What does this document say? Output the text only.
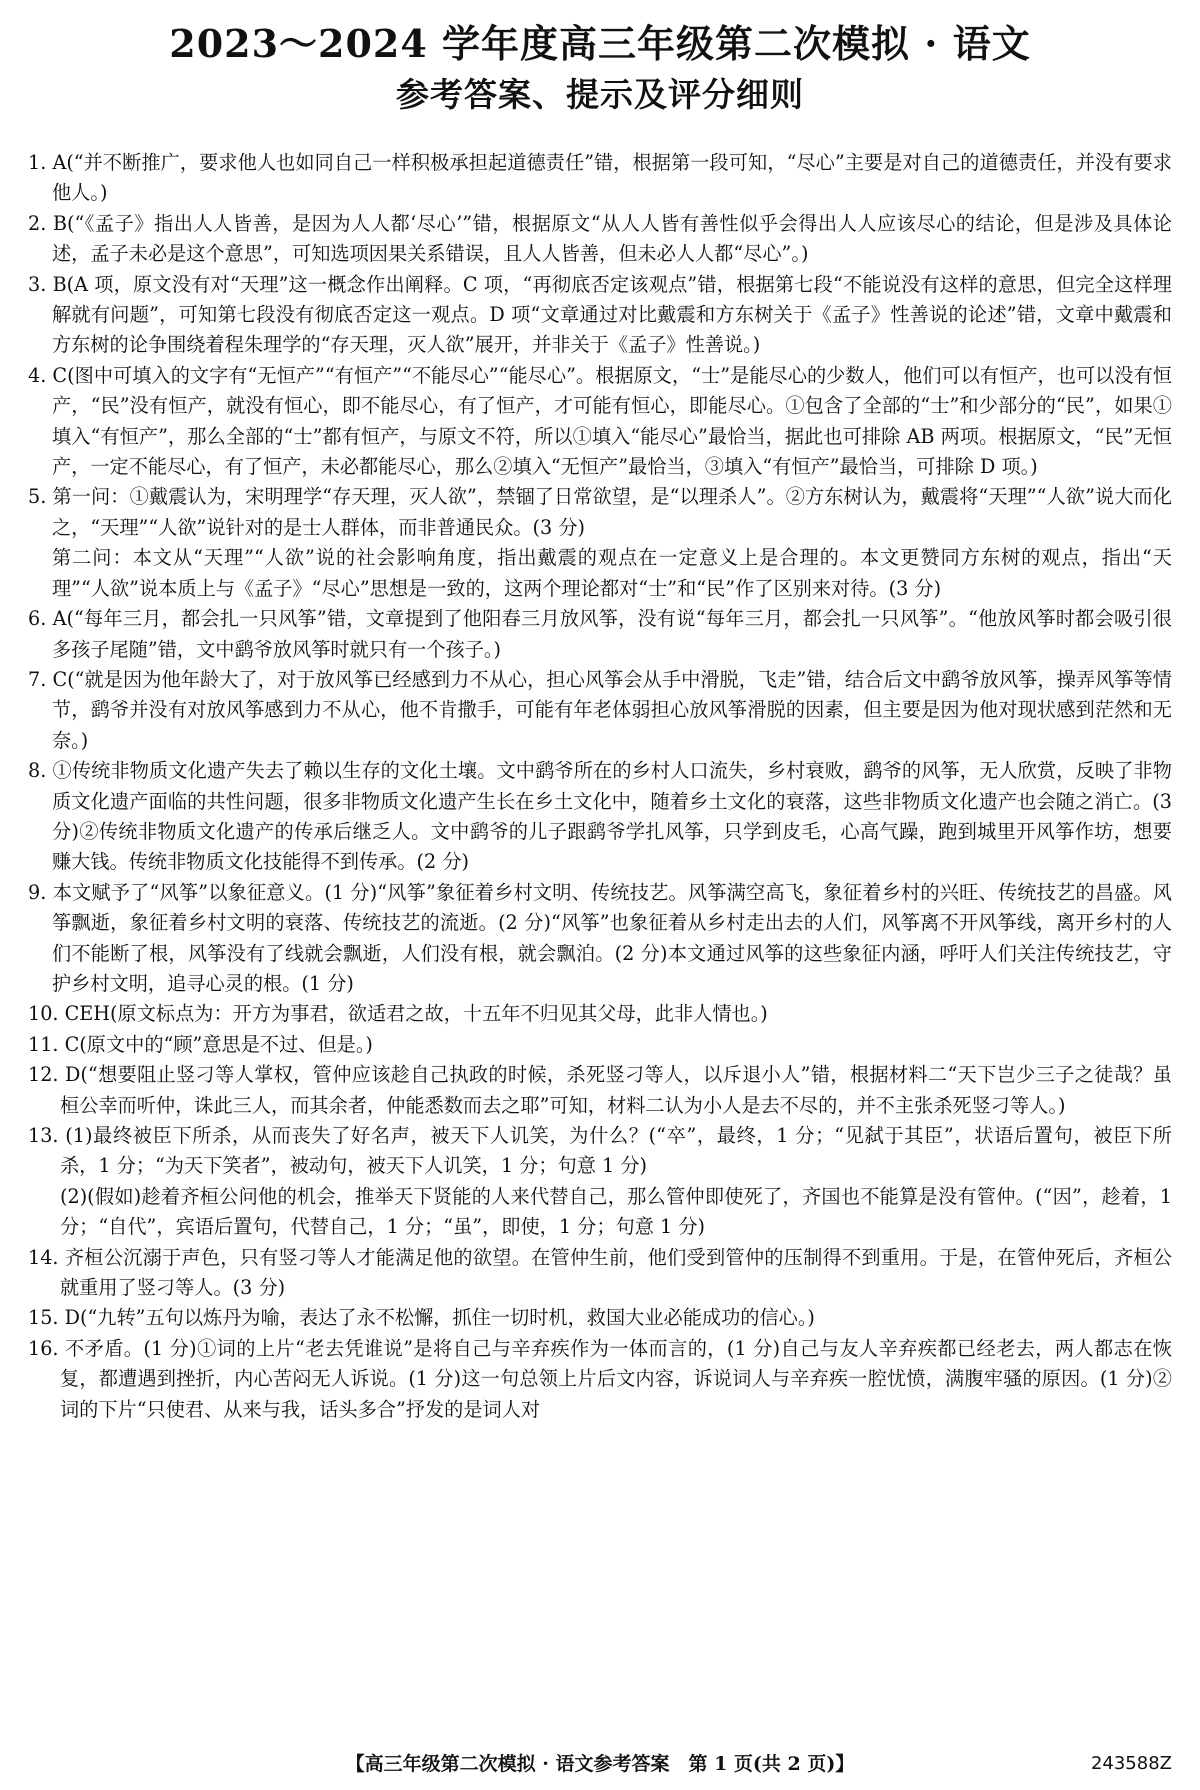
2023～2024 学年度高三年级第二次模拟 · 语文
参考答案、提示及评分细则

1. A(“并不断推广，要求他人也如同自己一样积极承担起道德责任”错，根据第一段可知，“尽心”主要是对自己的道德责任，并没有要求他人。)

2. B(“《孟子》指出人人皆善，是因为人人都‘尽心’”错，根据原文“从人人皆有善性似乎会得出人人应该尽心的结论，但是涉及具体论述，孟子未必是这个意思”，可知选项因果关系错误，且人人皆善，但未必人人都“尽心”。)

3. B(A 项，原文没有对“天理”这一概念作出阐释。C 项，“再彻底否定该观点”错，根据第七段“不能说没有这样的意思，但完全这样理解就有问题”，可知第七段没有彻底否定这一观点。D 项“文章通过对比戴震和方东树关于《孟子》性善说的论述”错，文章中戴震和方东树的论争围绕着程朱理学的“存天理，灭人欲”展开，并非关于《孟子》性善说。)

4. C(图中可填入的文字有“无恒产”“有恒产”“不能尽心”“能尽心”。根据原文，“士”是能尽心的少数人，他们可以有恒产，也可以没有恒产，“民”没有恒产，就没有恒心，即不能尽心，有了恒产，才可能有恒心，即能尽心。①包含了全部的“士”和少部分的“民”，如果①填入“有恒产”，那么全部的“士”都有恒产，与原文不符，所以①填入“能尽心”最恰当，据此也可排除 AB 两项。根据原文，“民”无恒产，一定不能尽心，有了恒产，未必都能尽心，那么②填入“无恒产”最恰当，③填入“有恒产”最恰当，可排除 D 项。)

5. 第一问：①戴震认为，宋明理学“存天理，灭人欲”，禁锢了日常欲望，是“以理杀人”。②方东树认为，戴震将“天理”“人欲”说大而化之，“天理”“人欲”说针对的是士人群体，而非普通民众。(3 分)

第二问：本文从“天理”“人欲”说的社会影响角度，指出戴震的观点在一定意义上是合理的。本文更赞同方东树的观点，指出“天理”“人欲”说本质上与《孟子》“尽心”思想是一致的，这两个理论都对“士”和“民”作了区别来对待。(3 分)

6. A(“每年三月，都会扎一只风筝”错，文章提到了他阳春三月放风筝，没有说“每年三月，都会扎一只风筝”。“他放风筝时都会吸引很多孩子尾随”错，文中鹞爷放风筝时就只有一个孩子。)

7. C(“就是因为他年龄大了，对于放风筝已经感到力不从心，担心风筝会从手中滑脱，飞走”错，结合后文中鹞爷放风筝，操弄风筝等情节，鹞爷并没有对放风筝感到力不从心，他不肯撒手，可能有年老体弱担心放风筝滑脱的因素，但主要是因为他对现状感到茫然和无奈。)

8. ①传统非物质文化遗产失去了赖以生存的文化土壤。文中鹞爷所在的乡村人口流失，乡村衰败，鹞爷的风筝，无人欣赏，反映了非物质文化遗产面临的共性问题，很多非物质文化遗产生长在乡土文化中，随着乡土文化的衰落，这些非物质文化遗产也会随之消亡。(3 分)②传统非物质文化遗产的传承后继乏人。文中鹞爷的儿子跟鹞爷学扎风筝，只学到皮毛，心高气躁，跑到城里开风筝作坊，想要赚大钱。传统非物质文化技能得不到传承。(2 分)

9. 本文赋予了“风筝”以象征意义。(1 分)“风筝”象征着乡村文明、传统技艺。风筝满空高飞，象征着乡村的兴旺、传统技艺的昌盛。风筝飘逝，象征着乡村文明的衰落、传统技艺的流逝。(2 分)“风筝”也象征着从乡村走出去的人们，风筝离不开风筝线，离开乡村的人们不能断了根，风筝没有了线就会飘逝，人们没有根，就会飘泊。(2 分)本文通过风筝的这些象征内涵，呼吁人们关注传统技艺，守护乡村文明，追寻心灵的根。(1 分)

10. CEH(原文标点为：开方为事君，欲适君之故，十五年不归见其父母，此非人情也。)

11. C(原文中的“顾”意思是不过、但是。)

12. D(“想要阻止竖刁等人掌权，管仲应该趁自己执政的时候，杀死竖刁等人，以斥退小人”错，根据材料二“天下岂少三子之徒哉？虽桓公幸而听仲，诛此三人，而其余者，仲能悉数而去之耶”可知，材料二认为小人是去不尽的，并不主张杀死竖刁等人。)

13. (1)最终被臣下所杀，从而丧失了好名声，被天下人讥笑，为什么？(“卒”，最终，1 分；“见弑于其臣”，状语后置句，被臣下所杀，1 分；“为天下笑者”，被动句，被天下人讥笑，1 分；句意 1 分)

(2)(假如)趁着齐桓公问他的机会，推举天下贤能的人来代替自己，那么管仲即使死了，齐国也不能算是没有管仲。(“因”，趁着，1 分；“自代”，宾语后置句，代替自己，1 分；“虽”，即使，1 分；句意 1 分)

14. 齐桓公沉溺于声色，只有竖刁等人才能满足他的欲望。在管仲生前，他们受到管仲的压制得不到重用。于是，在管仲死后，齐桓公就重用了竖刁等人。(3 分)

15. D(“九转”五句以炼丹为喻，表达了永不松懈，抓住一切时机，救国大业必能成功的信心。)

16. 不矛盾。(1 分)①词的上片“老去凭谁说”是将自己与辛弃疾作为一体而言的，(1 分)自己与友人辛弃疾都已经老去，两人都志在恢复，都遭遇到挫折，内心苦闷无人诉说。(1 分)这一句总领上片后文内容，诉说词人与辛弃疾一腔忧愤，满腹牢骚的原因。(1 分)②词的下片“只使君、从来与我，话头多合”抒发的是词人对

【高三年级第二次模拟 · 语文参考答案　第 1 页(共 2 页)】	243588Z
